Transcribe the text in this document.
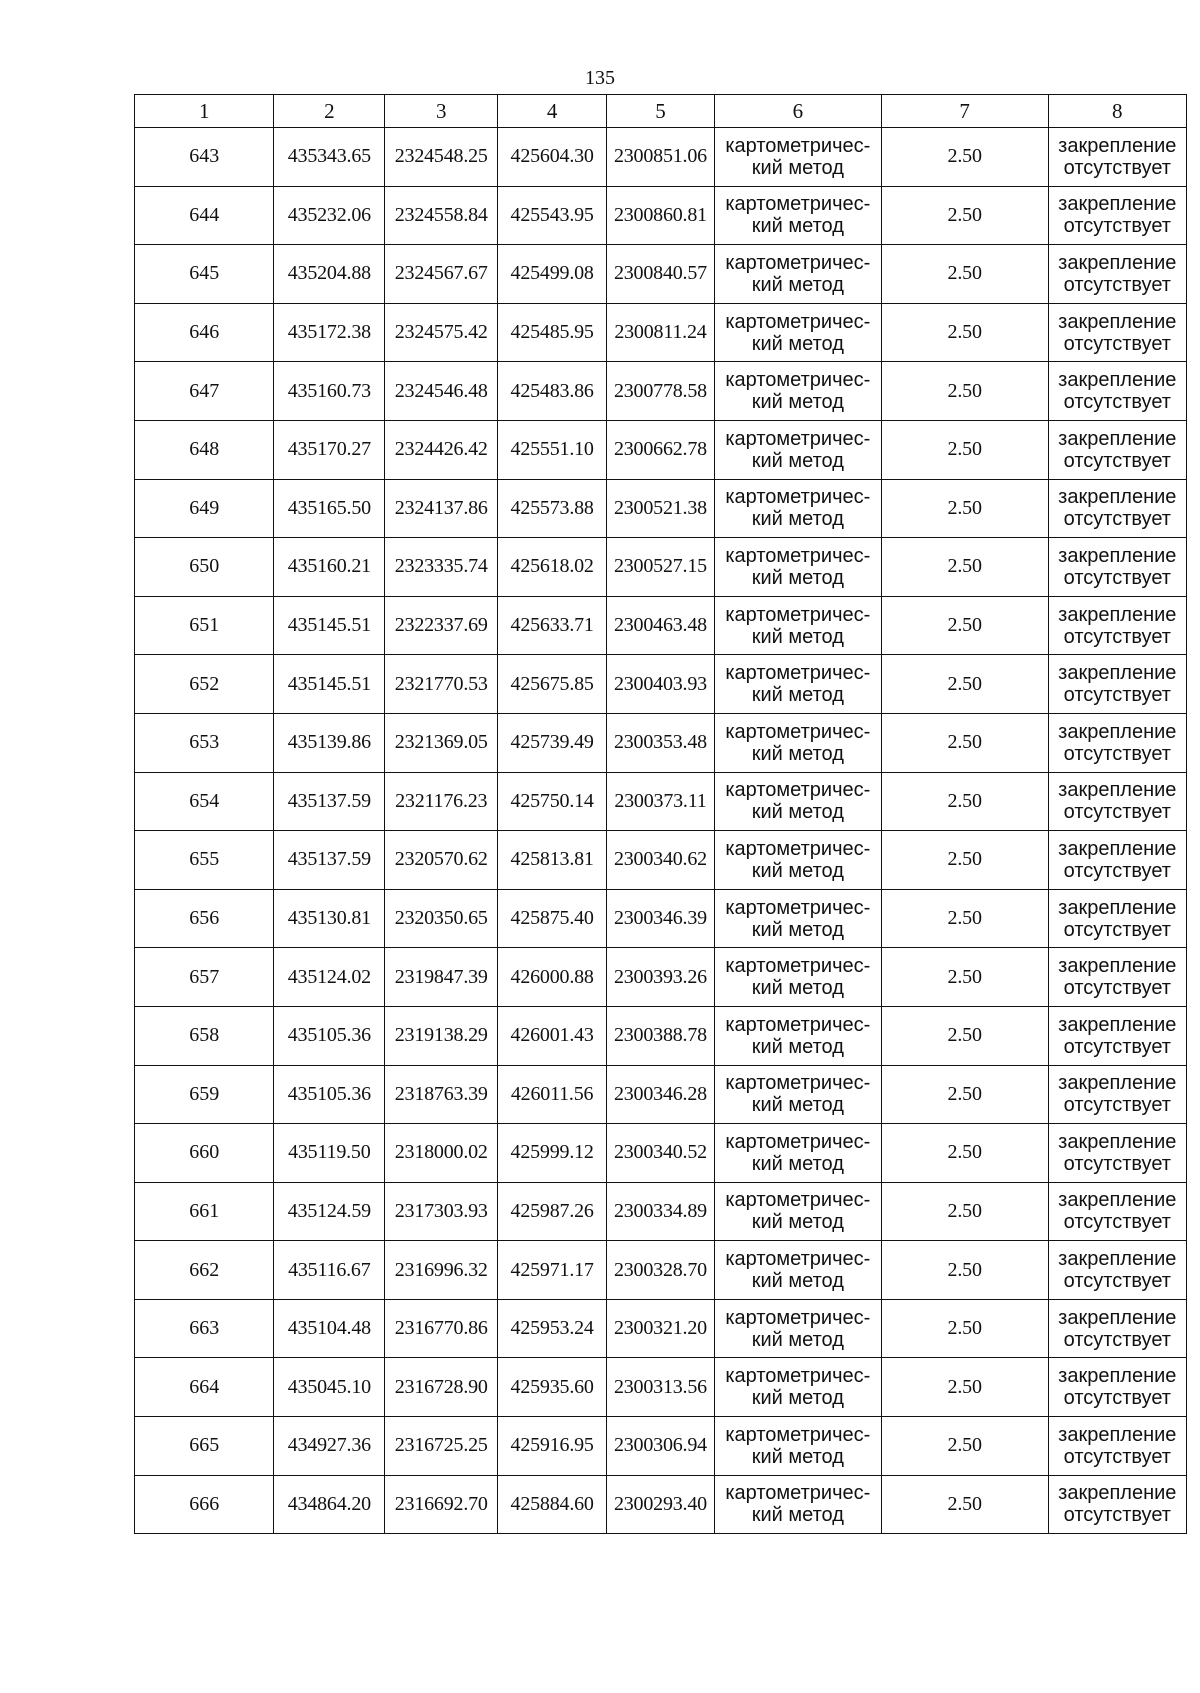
135
1	2	3	4	5	6	7	8
643	435343.65	2324548.25	425604.30	2300851.06	картометричес-
кий метод	2.50	закрепление
отсутствует

644	435232.06	2324558.84	425543.95	2300860.81	картометричес-
кий метод	2.50	закрепление
отсутствует

645	435204.88	2324567.67	425499.08	2300840.57	картометричес-
кий метод	2.50	закрепление
отсутствует

646	435172.38	2324575.42	425485.95	2300811.24	картометричес-
кий метод	2.50	закрепление
отсутствует

647	435160.73	2324546.48	425483.86	2300778.58	картометричес-
кий метод	2.50	закрепление
отсутствует

648	435170.27	2324426.42	425551.10	2300662.78	картометричес-
кий метод	2.50	закрепление
отсутствует

649	435165.50	2324137.86	425573.88	2300521.38	картометричес-
кий метод	2.50	закрепление
отсутствует

650	435160.21	2323335.74	425618.02	2300527.15	картометричес-
кий метод	2.50	закрепление
отсутствует

651	435145.51	2322337.69	425633.71	2300463.48	картометричес-
кий метод	2.50	закрепление
отсутствует

652	435145.51	2321770.53	425675.85	2300403.93	картометричес-
кий метод	2.50	закрепление
отсутствует

653	435139.86	2321369.05	425739.49	2300353.48	картометричес-
кий метод	2.50	закрепление
отсутствует

654	435137.59	2321176.23	425750.14	2300373.11	картометричес-
кий метод	2.50	закрепление
отсутствует

655	435137.59	2320570.62	425813.81	2300340.62	картометричес-
кий метод	2.50	закрепление
отсутствует

656	435130.81	2320350.65	425875.40	2300346.39	картометричес-
кий метод	2.50	закрепление
отсутствует

657	435124.02	2319847.39	426000.88	2300393.26	картометричес-
кий метод	2.50	закрепление
отсутствует

658	435105.36	2319138.29	426001.43	2300388.78	картометричес-
кий метод	2.50	закрепление
отсутствует

659	435105.36	2318763.39	426011.56	2300346.28	картометричес-
кий метод	2.50	закрепление
отсутствует

660	435119.50	2318000.02	425999.12	2300340.52	картометричес-
кий метод	2.50	закрепление
отсутствует

661	435124.59	2317303.93	425987.26	2300334.89	картометричес-
кий метод	2.50	закрепление
отсутствует

662	435116.67	2316996.32	425971.17	2300328.70	картометричес-
кий метод	2.50	закрепление
отсутствует

663	435104.48	2316770.86	425953.24	2300321.20	картометричес-
кий метод	2.50	закрепление
отсутствует

664	435045.10	2316728.90	425935.60	2300313.56	картометричес-
кий метод	2.50	закрепление
отсутствует

665	434927.36	2316725.25	425916.95	2300306.94	картометричес-
кий метод	2.50	закрепление
отсутствует

666	434864.20	2316692.70	425884.60	2300293.40	картометричес-
кий метод	2.50	закрепление
отсутствует
